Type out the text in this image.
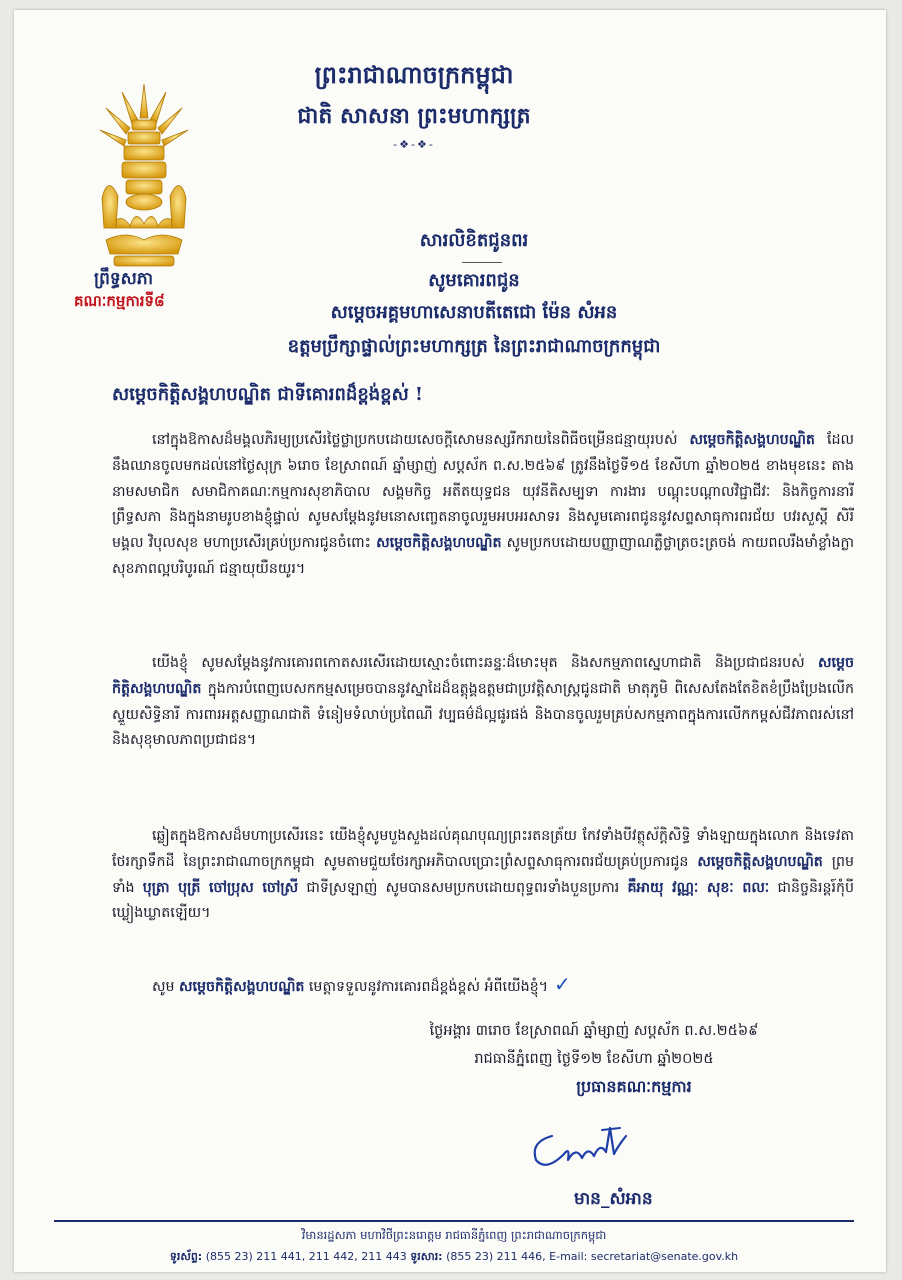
ព្រះរាជាណាចក្រកម្ពុជា
ជាតិ សាសនា ព្រះមហាក្សត្រ
-❖-❖-
ព្រឹទ្ធសភា
គណៈកម្មការទី៨
សារលិខិតជូនពរ
សូមគោរពជូន
សម្តេចអគ្គមហាសេនាបតីតេជោ ម៉ែន សំអន
ឧត្តមប្រឹក្សាផ្ទាល់ព្រះមហាក្សត្រ នៃព្រះរាជាណាចក្រកម្ពុជា
សម្តេចកិត្តិសង្គហបណ្ឌិត ជាទីគោរពដ៏ខ្ពង់ខ្ពស់ !

នៅក្នុងឱកាសដ៏មង្គលភិរម្យប្រសើរថ្លៃថ្លាប្រកបដោយសេចក្តីសោមនស្សរីករាយនៃពិធីចម្រើនជន្មាយុរបស់ សម្តេចកិត្តិសង្គហបណ្ឌិត ដែលនឹងឈានចូលមកដល់នៅថ្ងៃសុក្រ ៦រោច ខែស្រាពណ៍ ឆ្នាំម្សាញ់ សប្តស័ក ព.ស.២៥៦៩ ត្រូវនឹងថ្ងៃទី១៥ ខែសីហា ឆ្នាំ២០២៥ ខាងមុខនេះ តាងនាមសមាជិក សមាជិកាគណៈកម្មការសុខាភិបាល សង្គមកិច្ច អតីតយុទ្ធជន យុវនីតិសម្បទា ការងារ បណ្តុះបណ្តាលវិជ្ជាជីវៈ និងកិច្ចការនារី ព្រឹទ្ធសភា និងក្នុងនាមរូបខាងខ្ញុំផ្ទាល់ សូមសម្តែងនូវមនោសញ្ចេតនាចូលរួមអបអរសាទរ និងសូមគោរពជូននូវសព្ទសាធុការពរជ័យ បវរសួស្តី សិរីមង្គល វិបុលសុខ មហាប្រសើរគ្រប់ប្រការជូនចំពោះ សម្តេចកិត្តិសង្គហបណ្ឌិត សូមប្រកបដោយបញ្ញាញាណភ្លឺថ្លាត្រចះត្រចង់ កាយពលរឹងមាំខ្លាំងក្លា សុខភាពល្អបរិបូរណ៍ ជន្មាយុយឺនយូរ។

យើងខ្ញុំ សូមសម្តែងនូវការគោរពកោតសរសើរដោយស្មោះចំពោះឆន្ទៈដ៏មោះមុត និងសកម្មភាពស្នេហាជាតិ និងប្រជាជនរបស់ សម្តេចកិត្តិសង្គហបណ្ឌិត ក្នុងការបំពេញបេសកកម្មសម្រេចបាននូវស្នាដៃដ៏ឧត្តុង្គឧត្តមជាប្រវត្តិសាស្ត្រជូនជាតិ មាតុភូមិ ពិសេសតែងតែខិតខំប្រឹងប្រែងលើកស្ទួយសិទ្ធិនារី ការពារអត្តសញ្ញាណជាតិ ទំនៀមទំលាប់ប្រពៃណី វប្បធម៌ដ៏ល្អផូរផង់ និងបានចូលរួមគ្រប់សកម្មភាពក្នុងការលើកកម្ពស់ជីវភាពរស់នៅ និងសុខុមាលភាពប្រជាជន។

ឆ្លៀតក្នុងឱកាសដ៏មហាប្រសើរនេះ យើងខ្ញុំសូមបួងសួងដល់គុណបុណ្យព្រះរតនត្រ័យ កែវទាំងបីវត្ថុស័ក្តិសិទ្ធិ ទាំងឡាយក្នុងលោក និងទេវតាថែរក្សាទឹកដី នៃព្រះរាជាណាចក្រកម្ពុជា សូមតាមជួយថែរក្សាអភិបាលប្រោះព្រំសព្ទសាធុការពរជ័យគ្រប់ប្រការជូន សម្តេចកិត្តិសង្គហបណ្ឌិត ព្រមទាំង បុត្រា បុត្រី ចៅប្រុស ចៅស្រី ជាទីស្រឡាញ់ សូមបានសមប្រកបដោយពុទ្ធពរទាំងបួនប្រការ គឺអាយុ វណ្ណៈ សុខៈ ពលៈ ជានិច្ចនិរន្តរ៍កុំបីឃ្លៀងឃ្លាតឡើយ។

សូម សម្តេចកិត្តិសង្គហបណ្ឌិត មេត្តាទទួលនូវការគោរពដ៏ខ្ពង់ខ្ពស់ អំពីយើងខ្ញុំ។ ✓

ថ្ងៃអង្គារ ៣រោច ខែស្រាពណ៍ ឆ្នាំម្សាញ់ សប្តស័ក ព.ស.២៥៦៩
រាជធានីភ្នំពេញ ថ្ងៃទី១២ ខែសីហា ឆ្នាំ២០២៥
ប្រធានគណៈកម្មការ
មាន_សំអាន
វិមានរដ្ឋសភា មហាវិថីព្រះនរោត្តម រាជធានីភ្នំពេញ ព្រះរាជាណាចក្រកម្ពុជា
ទូរស័ព្ទ: (855 23) 211 441, 211 442, 211 443 ទូរសារ: (855 23) 211 446, E-mail: secretariat@senate.gov.kh
